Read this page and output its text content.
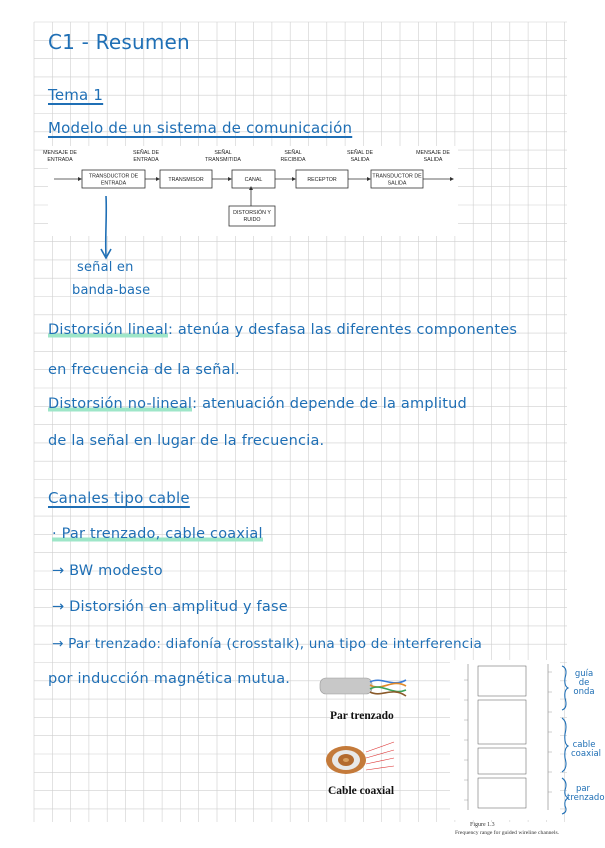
C1 - Resumen
Tema 1
Modelo de un sistema de comunicación
MENSAJE DE
ENTRADA
SEÑAL DE
ENTRADA
SEÑAL
TRANSMITIDA
SEÑAL
RECIBIDA
SEÑAL DE
SALIDA
MENSAJE DE
SALIDA
TRANSDUCTOR DE
ENTRADA
TRANSMISOR	CANAL	RECEPTOR
TRANSDUCTOR DE
SALIDA
DISTORSIÓN Y
RUIDO
señal en
banda-base
Distorsión lineal: atenúa y desfasa las diferentes componentes
en frecuencia de la señal.
Distorsión no-lineal: atenuación depende de la amplitud
de la señal en lugar de la frecuencia.
Canales tipo cable
· Par trenzado, cable coaxial
→ BW modesto
→ Distorsión en amplitud y fase
→ Par trenzado: diafonía (crosstalk), una tipo de interferencia
por inducción magnética mutua.
Par trenzado
Cable coaxial
Figure 1.3
Frequency range for guided wireline channels.
guía
de
onda
cable
coaxial
par
trenzado
